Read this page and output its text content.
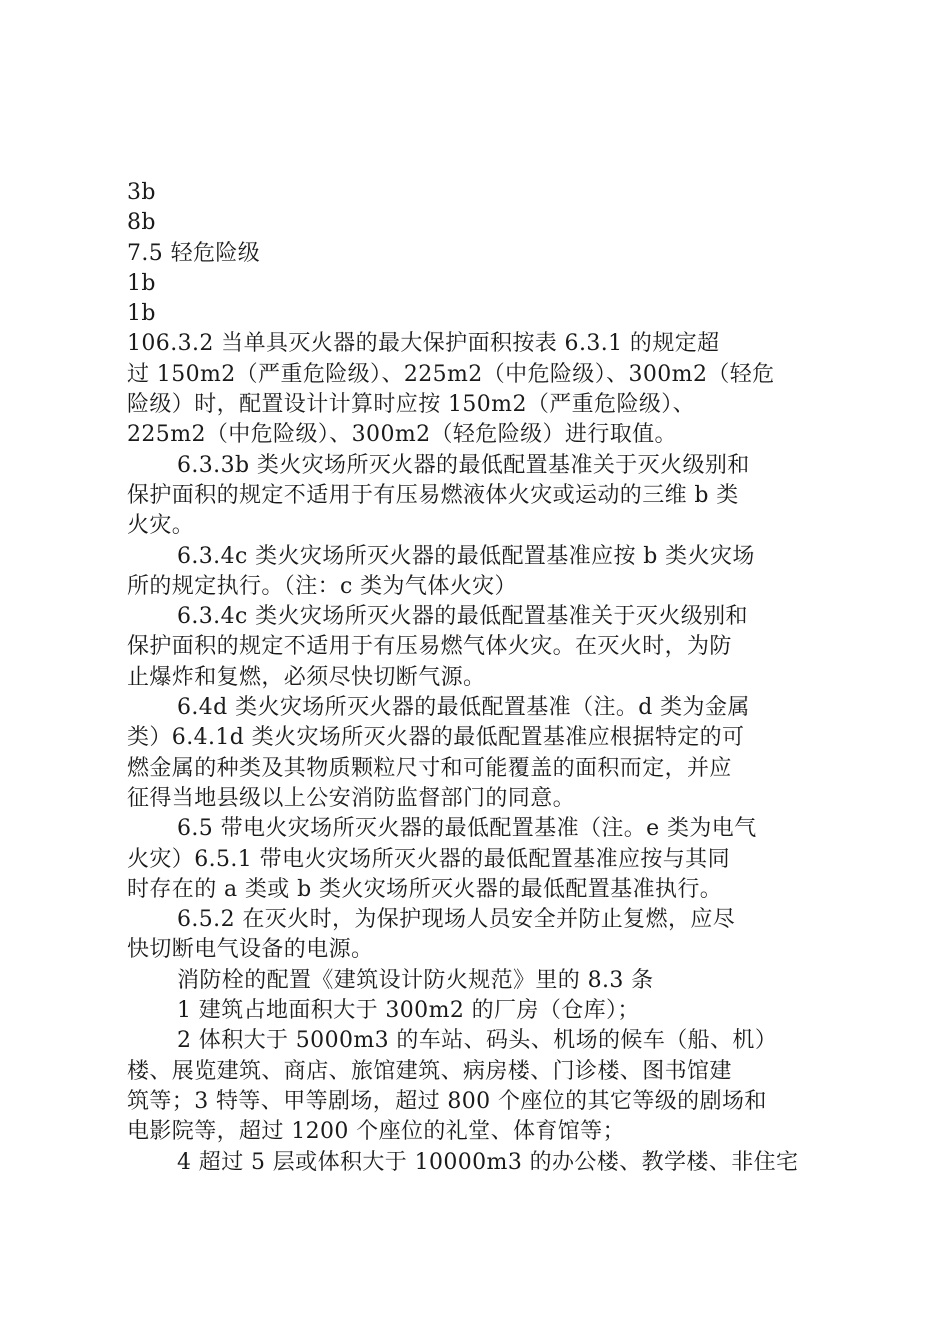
3b
8b
7.5 轻危险级
1b
1b
106.3.2 当单具灭火器的最大保护面积按表 6.3.1 的规定超
过 150m2（严重危险级）、225m2（中危险级）、300m2（轻危
险级）时，配置设计计算时应按 150m2（严重危险级）、
225m2（中危险级）、300m2（轻危险级）进行取值。
6.3.3b 类火灾场所灭火器的最低配置基准关于灭火级别和
保护面积的规定不适用于有压易燃液体火灾或运动的三维 b 类
火灾。
6.3.4c 类火灾场所灭火器的最低配置基准应按 b 类火灾场
所的规定执行。（注：c 类为气体火灾）
6.3.4c 类火灾场所灭火器的最低配置基准关于灭火级别和
保护面积的规定不适用于有压易燃气体火灾。在灭火时，为防
止爆炸和复燃，必须尽快切断气源。
6.4d 类火灾场所灭火器的最低配置基准（注。d 类为金属
类）6.4.1d 类火灾场所灭火器的最低配置基准应根据特定的可
燃金属的种类及其物质颗粒尺寸和可能覆盖的面积而定，并应
征得当地县级以上公安消防监督部门的同意。
6.5 带电火灾场所灭火器的最低配置基准（注。e 类为电气
火灾）6.5.1 带电火灾场所灭火器的最低配置基准应按与其同
时存在的 a 类或 b 类火灾场所灭火器的最低配置基准执行。
6.5.2 在灭火时，为保护现场人员安全并防止复燃，应尽
快切断电气设备的电源。
消防栓的配置《建筑设计防火规范》里的 8.3 条
1 建筑占地面积大于 300m2 的厂房（仓库）；
2 体积大于 5000m3 的车站、码头、机场的候车（船、机）
楼、展览建筑、商店、旅馆建筑、病房楼、门诊楼、图书馆建
筑等；3 特等、甲等剧场，超过 800 个座位的其它等级的剧场和
电影院等，超过 1200 个座位的礼堂、体育馆等；
4 超过 5 层或体积大于 10000m3 的办公楼、教学楼、非住宅
